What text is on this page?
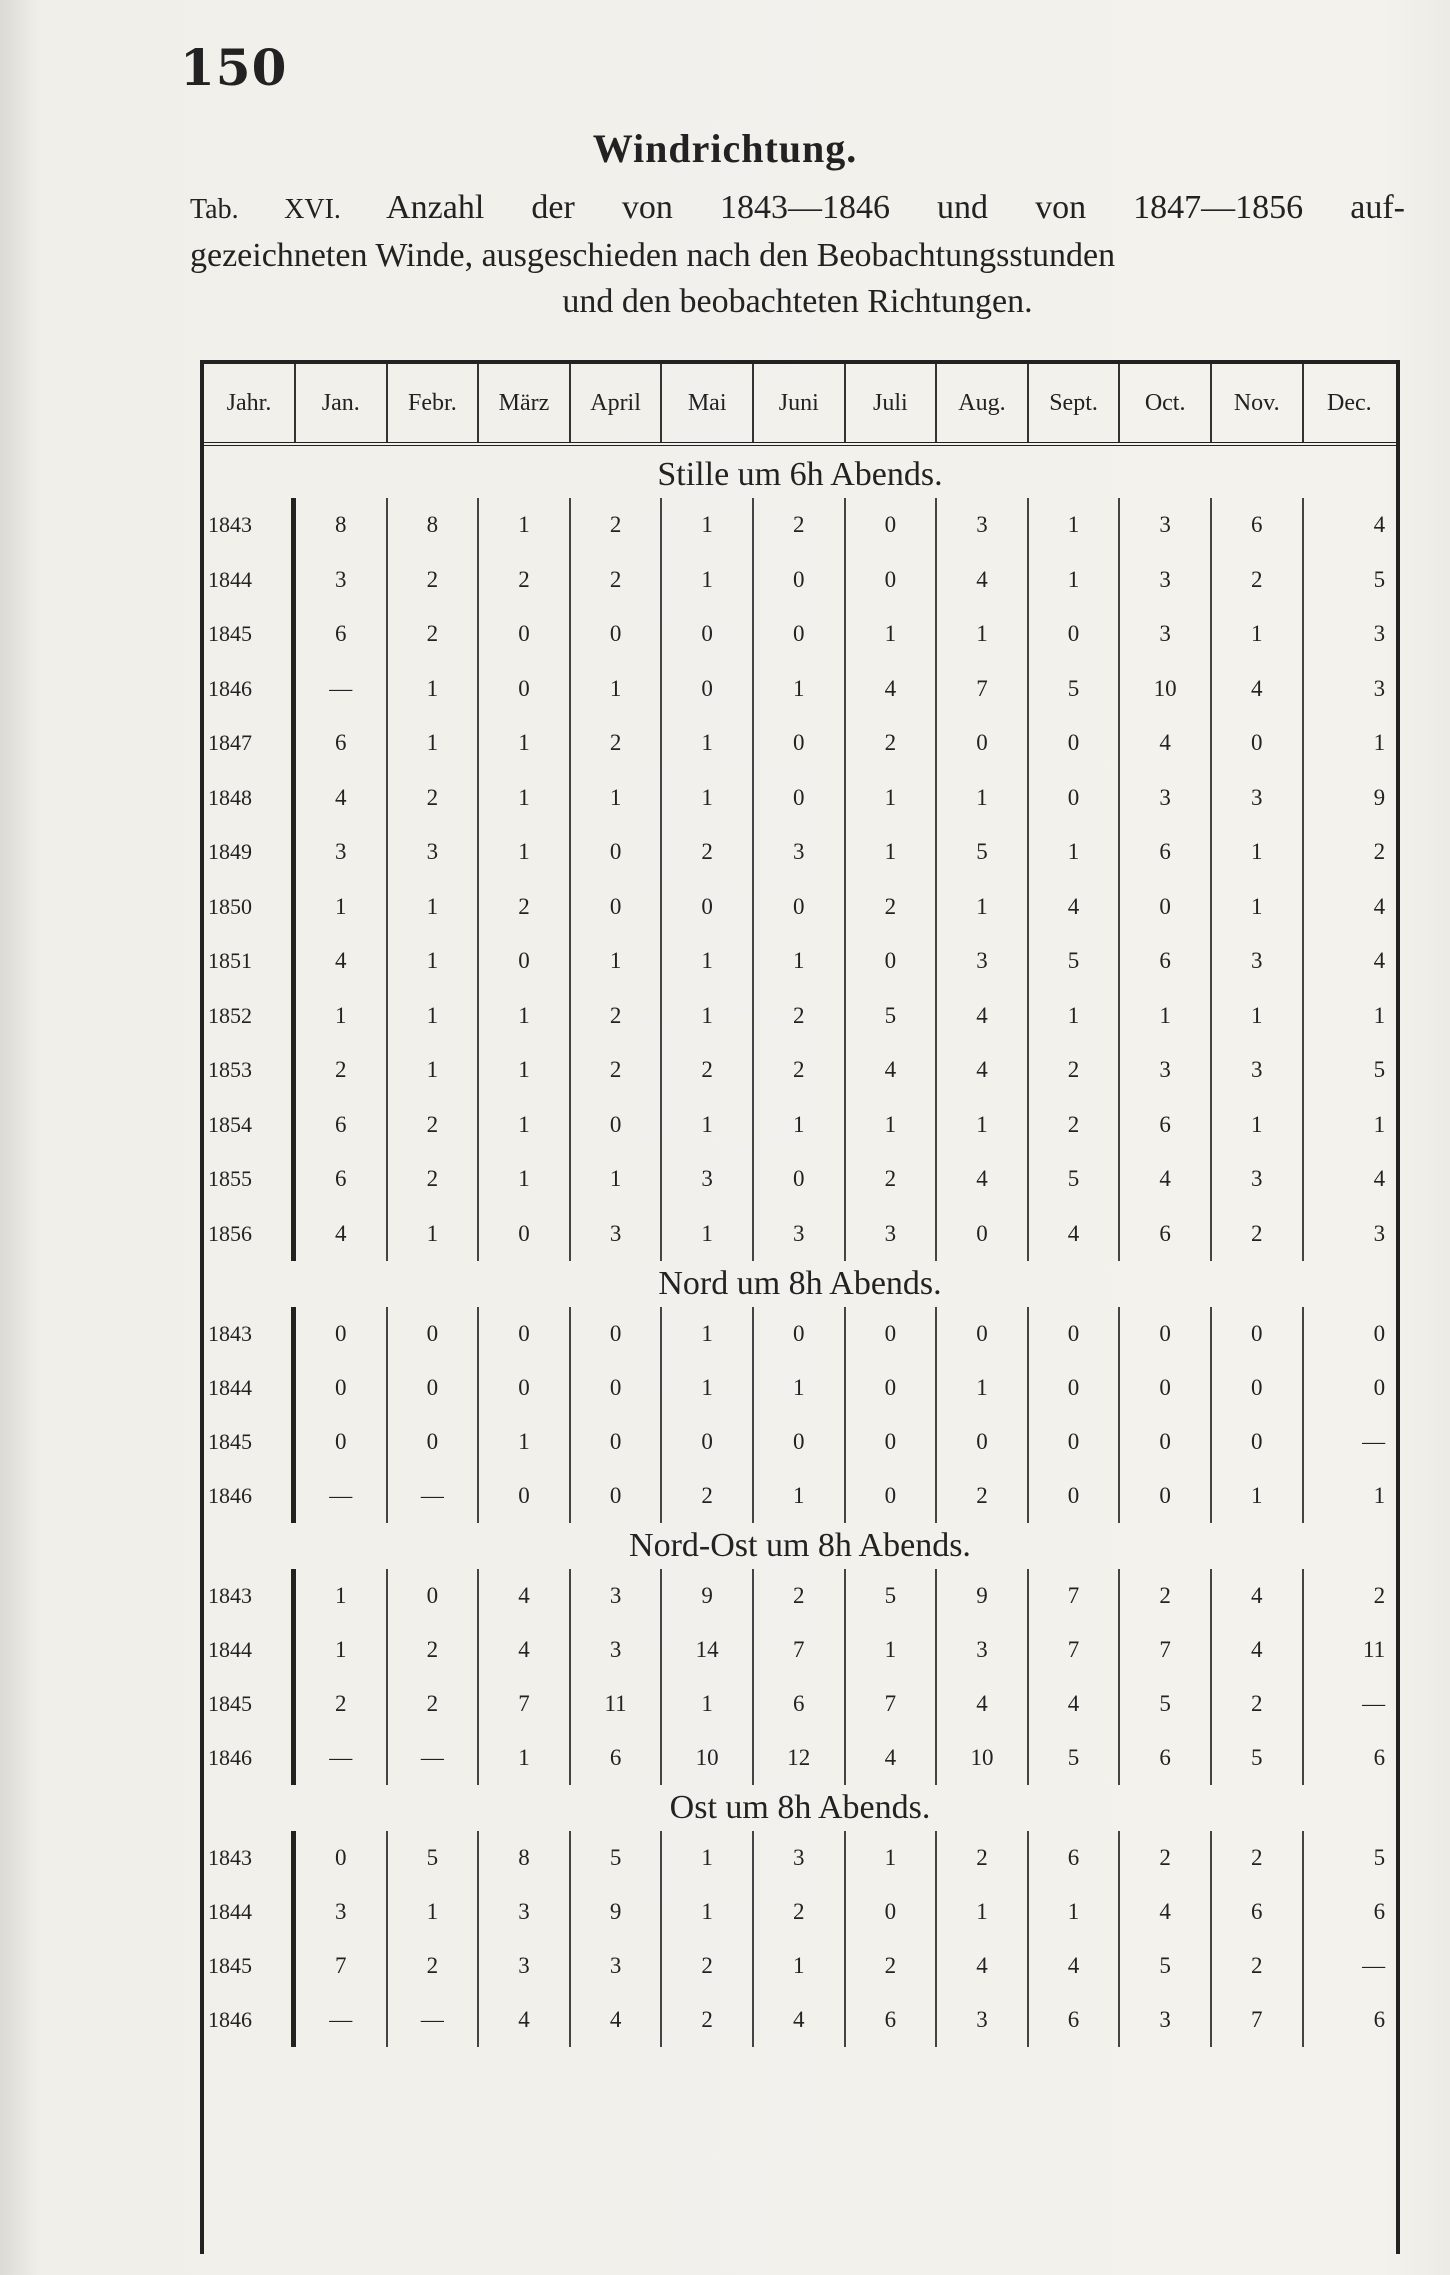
150
Windrichtung.
Tab. XVI. Anzahl der von 1843—1846 und von 1847—1856 auf-
gezeichneten Winde, ausgeschieden nach den Beobachtungsstunden
und den beobachteten Richtungen.
Jahr.	Jan.	Febr.	März	April	Mai	Juni	Juli	Aug.	Sept.	Oct.	Nov.	Dec.
Stille um 6h Abends.
1843	8	8	1	2	1	2	0	3	1	3	6	4
1844	3	2	2	2	1	0	0	4	1	3	2	5
1845	6	2	0	0	0	0	1	1	0	3	1	3
1846	—	1	0	1	0	1	4	7	5	10	4	3
1847	6	1	1	2	1	0	2	0	0	4	0	1
1848	4	2	1	1	1	0	1	1	0	3	3	9
1849	3	3	1	0	2	3	1	5	1	6	1	2
1850	1	1	2	0	0	0	2	1	4	0	1	4
1851	4	1	0	1	1	1	0	3	5	6	3	4
1852	1	1	1	2	1	2	5	4	1	1	1	1
1853	2	1	1	2	2	2	4	4	2	3	3	5
1854	6	2	1	0	1	1	1	1	2	6	1	1
1855	6	2	1	1	3	0	2	4	5	4	3	4
1856	4	1	0	3	1	3	3	0	4	6	2	3
Nord um 8h Abends.
1843	0	0	0	0	1	0	0	0	0	0	0	0
1844	0	0	0	0	1	1	0	1	0	0	0	0
1845	0	0	1	0	0	0	0	0	0	0	0	—
1846	—	—	0	0	2	1	0	2	0	0	1	1
Nord-Ost um 8h Abends.
1843	1	0	4	3	9	2	5	9	7	2	4	2
1844	1	2	4	3	14	7	1	3	7	7	4	11
1845	2	2	7	11	1	6	7	4	4	5	2	—
1846	—	—	1	6	10	12	4	10	5	6	5	6
Ost um 8h Abends.
1843	0	5	8	5	1	3	1	2	6	2	2	5
1844	3	1	3	9	1	2	0	1	1	4	6	6
1845	7	2	3	3	2	1	2	4	4	5	2	—
1846	—	—	4	4	2	4	6	3	6	3	7	6
